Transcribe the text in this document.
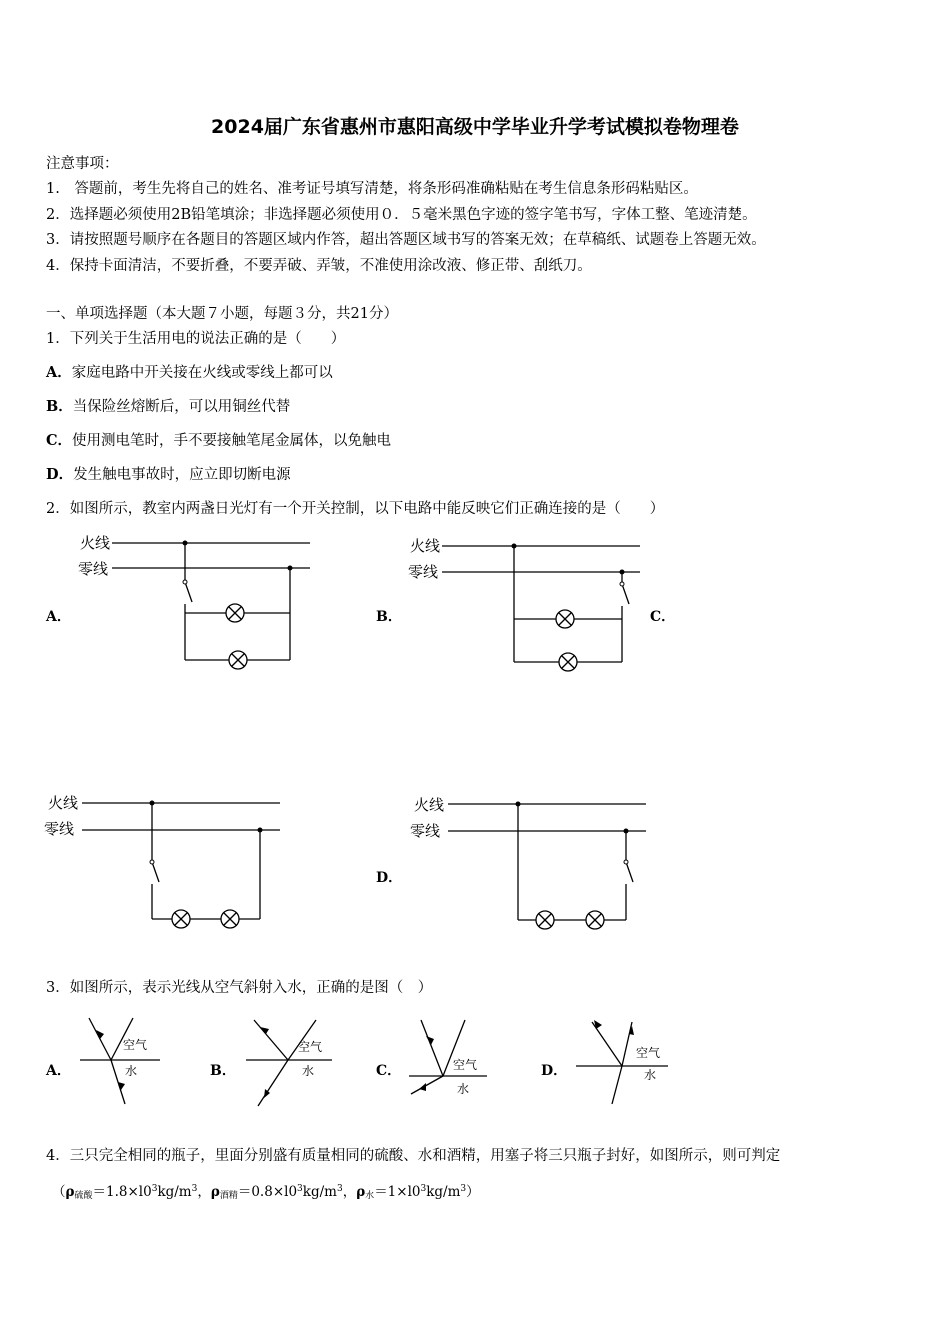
2024届广东省惠州市惠阳高级中学毕业升学考试模拟卷物理卷
注意事项：
1.　答题前，考生先将自己的姓名、准考证号填写清楚，将条形码准确粘贴在考生信息条形码粘贴区。
2．选择题必须使用2B铅笔填涂；非选择题必须使用０．５毫米黑色字迹的签字笔书写，字体工整、笔迹清楚。
3．请按照题号顺序在各题目的答题区域内作答，超出答题区域书写的答案无效；在草稿纸、试题卷上答题无效。
4．保持卡面清洁，不要折叠，不要弄破、弄皱，不准使用涂改液、修正带、刮纸刀。
一、单项选择题（本大题７小题，每题３分，共21分）
1．下列关于生活用电的说法正确的是（　　）
A．家庭电路中开关接在火线或零线上都可以
B．当保险丝熔断后，可以用铜丝代替
C．使用测电笔时，手不要接触笔尾金属体，以免触电
D．发生触电事故时，应立即切断电源
2．如图所示，教室内两盏日光灯有一个开关控制，以下电路中能反映它们正确连接的是（　　）
A．	B．	C．
D．
火线
零线
火线
零线
火线
零线
火线
零线
3．如图所示，表示光线从空气斜射入水，正确的是图（　）
A．	B．	C．	D．
空气
水
空气
水	空气
水
空气
水
4．三只完全相同的瓶子，里面分别盛有质量相同的硫酸、水和酒精，用塞子将三只瓶子封好，如图所示，则可判定
（$\rho_{硫酸}=1.8\times l0^3kg/m^3$，$\rho_{酒精}=0.8\times l0^3kg/m^3$，$\rho_水=1\times l0^3kg/m^3$）
